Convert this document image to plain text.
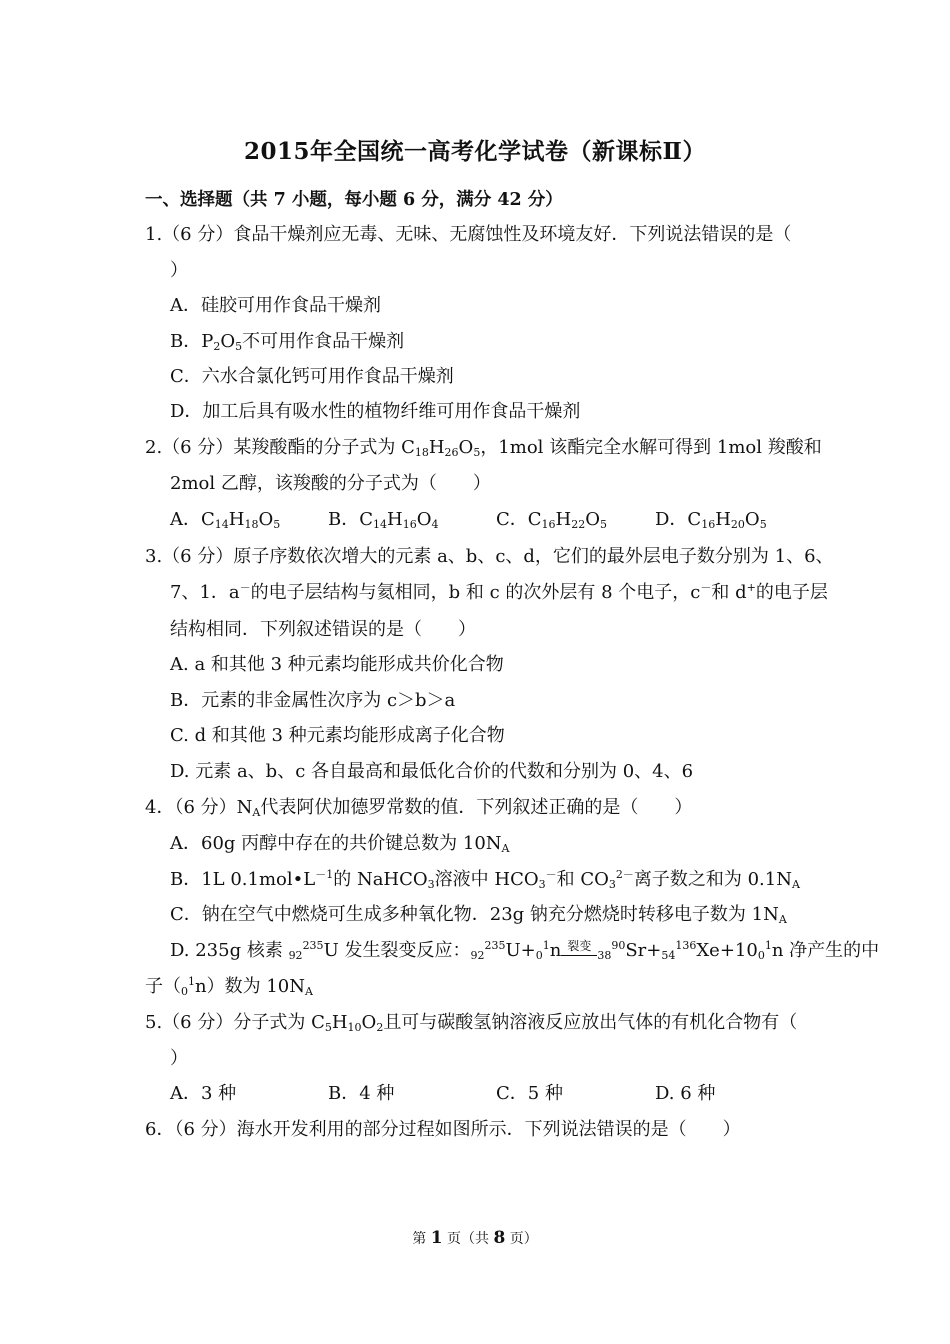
2015年全国统一高考化学试卷（新课标Ⅱ）
一、选择题（共 7 小题，每小题 6 分，满分 42 分）
1.（6 分）食品干燥剂应无毒、无味、无腐蚀性及环境友好．下列说法错误的是（
）
A．硅胶可用作食品干燥剂
B．$P_2O_5$不可用作食品干燥剂
C．六水合氯化钙可用作食品干燥剂
D．加工后具有吸水性的植物纤维可用作食品干燥剂
2.（6 分）某羧酸酯的分子式为 $C_{18}H_{26}O_5$，1mol 该酯完全水解可得到 1mol 羧酸和
2mol 乙醇，该羧酸的分子式为（　　）
A．$C_{14}H_{18}O_5$	B．$C_{14}H_{16}O_4$	C．$C_{16}H_{22}O_5$	D．$C_{16}H_{20}O_5$
3.（6 分）原子序数依次增大的元素 a、b、c、d，它们的最外层电子数分别为 1、6、
7、1．a－的电子层结构与氦相同，b 和 c 的次外层有 8 个电子，c－和 d+的电子层
结构相同．下列叙述错误的是（　　）
A. a 和其他 3 种元素均能形成共价化合物
B．元素的非金属性次序为 c＞b＞a
C. d 和其他 3 种元素均能形成离子化合物
D. 元素 a、b、c 各自最高和最低化合价的代数和分别为 0、4、6
4．（6 分）$N_A$代表阿伏加德罗常数的值．下列叙述正确的是（　　）
A．60g 丙醇中存在的共价键总数为 $10N_A$
B．1L $0.1mol•L^{-1}$的 NaHCO$_3$溶液中 $HCO_3^-$和 $CO_3^{2-}$离子数之和为 $0.1N_A$
C．钠在空气中燃烧可生成多种氧化物．23g 钠充分燃烧时转移电子数为 $1N_A$
D. 235g 核素 $_{92}^{235}$U 发生裂变反应：$_{92}^{235}U+_0^1n$ 裂变$_{38}^{90}Sr+_{54}^{136}Xe+10_0^1n$ 净产生的中
子$(_0^1n)$数为 $10N_A$
5.（6 分）分子式为 $C_5H_{10}O_2$且可与碳酸氢钠溶液反应放出气体的有机化合物有（
）
A．3 种	B．4 种	C．5 种	D. 6 种
6．（6 分）海水开发利用的部分过程如图所示．下列说法错误的是（　　）
第 1 页（共 8 页）
